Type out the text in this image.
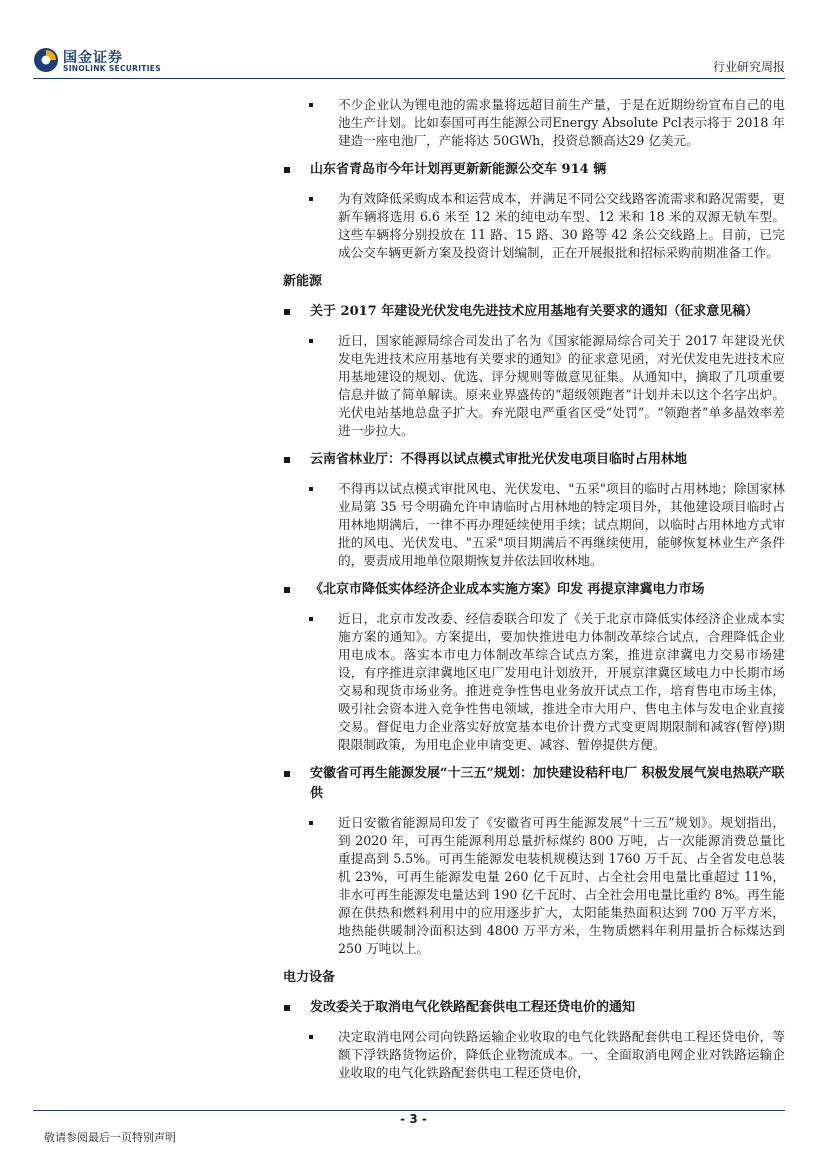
国金证券
SINOLINK SECURITIES	行业研究周报
不少企业认为锂电池的需求量将远超目前生产量，于是在近期纷纷宣布自己的电池生产计划。比如泰国可再生能源公司Energy Absolute Pcl表示将于 2018 年建造一座电池厂，产能将达 50GWh，投资总额高达29 亿美元。
山东省青岛市今年计划再更新新能源公交车 914 辆
为有效降低采购成本和运营成本，并满足不同公交线路客流需求和路况需要，更新车辆将选用 6.6 米至 12 米的纯电动车型、12 米和 18 米的双源无轨车型。这些车辆将分别投放在 11 路、15 路、30 路等 42 条公交线路上。目前，已完成公交车辆更新方案及投资计划编制，正在开展报批和招标采购前期准备工作。
新能源
关于 2017 年建设光伏发电先进技术应用基地有关要求的通知（征求意见稿）
近日，国家能源局综合司发出了名为《国家能源局综合司关于 2017 年建设光伏发电先进技术应用基地有关要求的通知》的征求意见函，对光伏发电先进技术应用基地建设的规划、优选、评分规则等做意见征集。从通知中，摘取了几项重要信息并做了简单解读。原来业界盛传的“超级领跑者”计划并未以这个名字出炉。光伏电站基地总盘子扩大。弃光限电严重省区受“处罚”。“领跑者”单多晶效率差进一步拉大。
云南省林业厅：不得再以试点模式审批光伏发电项目临时占用林地
不得再以试点模式审批风电、光伏发电、"五采"项目的临时占用林地；除国家林业局第 35 号令明确允许申请临时占用林地的特定项目外，其他建设项目临时占用林地期满后，一律不再办理延续使用手续；试点期间，以临时占用林地方式审批的风电、光伏发电、"五采"项目期满后不再继续使用，能够恢复林业生产条件的，要责成用地单位限期恢复并依法回收林地。
《北京市降低实体经济企业成本实施方案》印发 再提京津冀电力市场
近日，北京市发改委、经信委联合印发了《关于北京市降低实体经济企业成本实施方案的通知》。方案提出，要加快推进电力体制改革综合试点，合理降低企业用电成本。落实本市电力体制改革综合试点方案，推进京津冀电力交易市场建设，有序推进京津冀地区电厂发用电计划放开，开展京津冀区域电力中长期市场交易和现货市场业务。推进竞争性售电业务放开试点工作，培育售电市场主体，吸引社会资本进入竞争性售电领域，推进全市大用户、售电主体与发电企业直接交易。督促电力企业落实好放宽基本电价计费方式变更周期限制和减容(暂停)期限限制政策，为用电企业申请变更、减容、暂停提供方便。
安徽省可再生能源发展“十三五”规划：加快建设秸秆电厂 积极发展气炭电热联产联供
近日安徽省能源局印发了《安徽省可再生能源发展“十三五”规划》。规划指出，到 2020 年，可再生能源利用总量折标煤约 800 万吨，占一次能源消费总量比重提高到 5.5%。可再生能源发电装机规模达到 1760 万千瓦、占全省发电总装机 23%，可再生能源发电量 260 亿千瓦时、占全社会用电量比重超过 11%，非水可再生能源发电量达到 190 亿千瓦时、占全社会用电量比重约 8%。再生能源在供热和燃料利用中的应用逐步扩大，太阳能集热面积达到 700 万平方米，地热能供暖制冷面积达到 4800 万平方米，生物质燃料年利用量折合标煤达到 250 万吨以上。
电力设备
发改委关于取消电气化铁路配套供电工程还贷电价的通知
决定取消电网公司向铁路运输企业收取的电气化铁路配套供电工程还贷电价，等额下浮铁路货物运价，降低企业物流成本。一、全面取消电网企业对铁路运输企业收取的电气化铁路配套供电工程还贷电价，
- 3 -
敬请参阅最后一页特别声明
